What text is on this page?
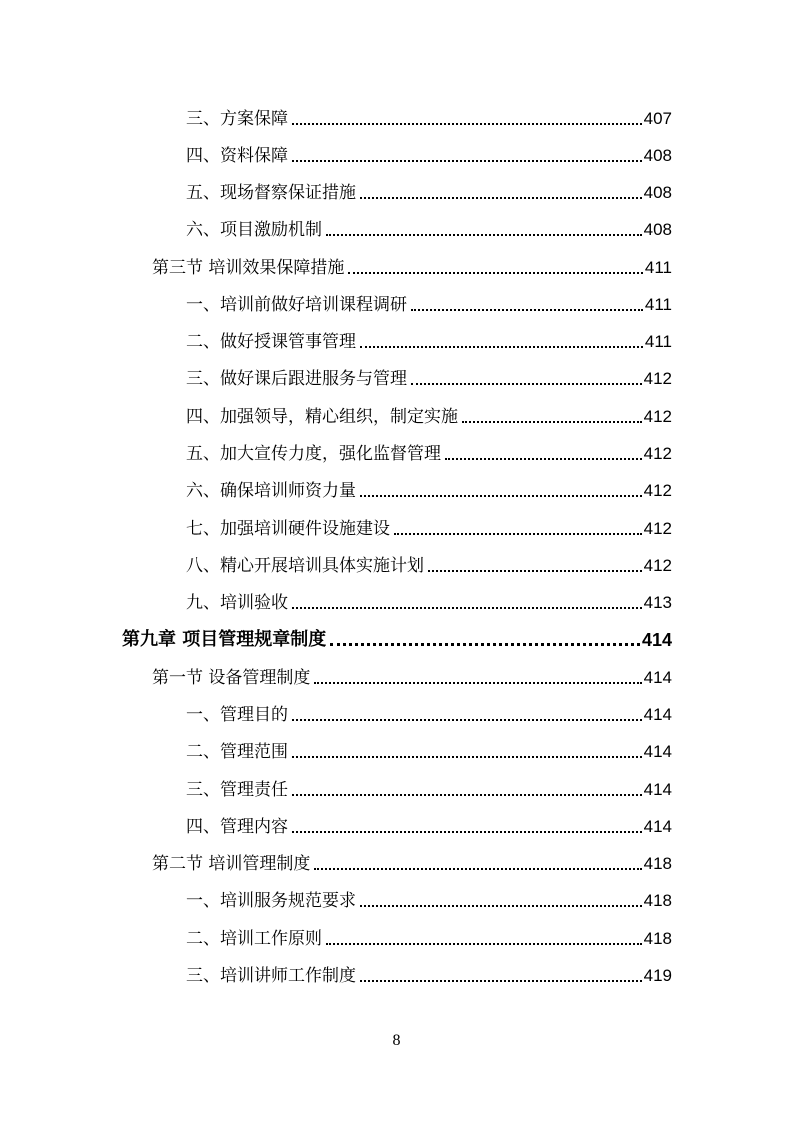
三、方案保障	407
四、资料保障	408
五、现场督察保证措施	408
六、项目激励机制	408
第三节 培训效果保障措施	411
一、培训前做好培训课程调研	411
二、做好授课管事管理	411
三、做好课后跟进服务与管理	412
四、加强领导，精心组织，制定实施	412
五、加大宣传力度，强化监督管理	412
六、确保培训师资力量	412
七、加强培训硬件设施建设	412
八、精心开展培训具体实施计划	412
九、培训验收	413
第九章 项目管理规章制度	414
第一节 设备管理制度	414
一、管理目的	414
二、管理范围	414
三、管理责任	414
四、管理内容	414
第二节 培训管理制度	418
一、培训服务规范要求	418
二、培训工作原则	418
三、培训讲师工作制度	419
8
